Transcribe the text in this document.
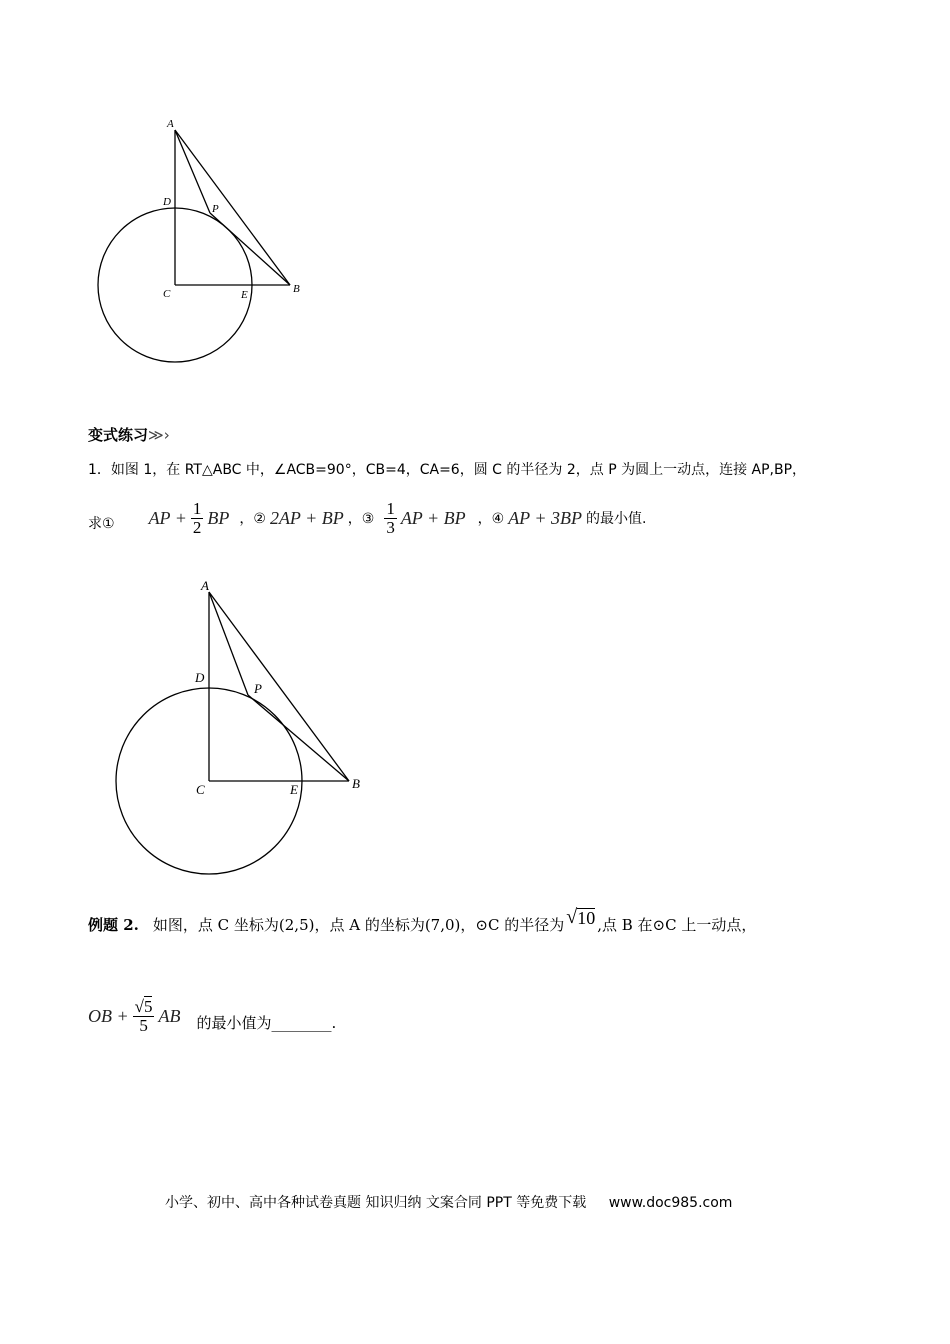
A
D
P
C	E	B
变式练习≫›
1．如图 1，在 RT△ABC 中，∠ACB=90°，CB=4，CA=6，圆 C 的半径为 2，点 P 为圆上一动点，连接 AP,BP，
求① AP + $\frac{1}{2}$ BP ，② 2AP + BP ，③ $\frac{1}{3}$ AP + BP ，④ AP + 3BP 的最小值.
A
D
P
C	E	B
例题 2. 如图，点 C 坐标为(2,5)，点 A 的坐标为(7,0)，⊙C 的半径为 √ 10 ,点 B 在⊙C 上一动点，
OB + $\frac{√5}{5}$ AB 的最小值为________.
小学、初中、高中各种试卷真题 知识归纳 文案合同 PPT 等免费下载 www.doc985.com
